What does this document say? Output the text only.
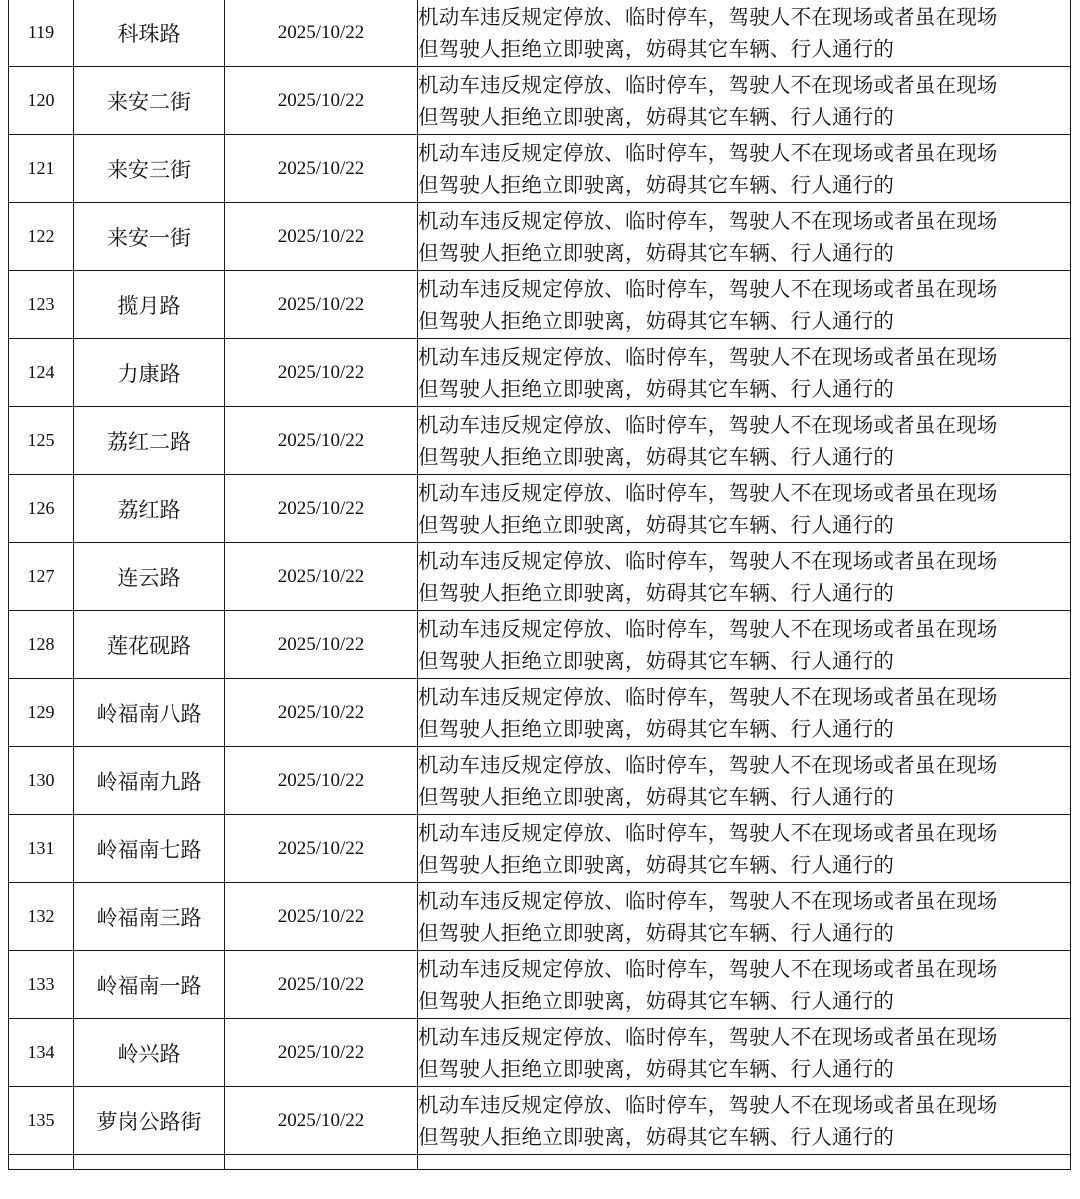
119	科珠路	2025/10/22	机动车违反规定停放、临时停车，驾驶人不在现场或者虽在现场
但驾驶人拒绝立即驶离，妨碍其它车辆、行人通行的

120	来安二街	2025/10/22	机动车违反规定停放、临时停车，驾驶人不在现场或者虽在现场
但驾驶人拒绝立即驶离，妨碍其它车辆、行人通行的

121	来安三街	2025/10/22	机动车违反规定停放、临时停车，驾驶人不在现场或者虽在现场
但驾驶人拒绝立即驶离，妨碍其它车辆、行人通行的

122	来安一街	2025/10/22	机动车违反规定停放、临时停车，驾驶人不在现场或者虽在现场
但驾驶人拒绝立即驶离，妨碍其它车辆、行人通行的

123	揽月路	2025/10/22	机动车违反规定停放、临时停车，驾驶人不在现场或者虽在现场
但驾驶人拒绝立即驶离，妨碍其它车辆、行人通行的

124	力康路	2025/10/22	机动车违反规定停放、临时停车，驾驶人不在现场或者虽在现场
但驾驶人拒绝立即驶离，妨碍其它车辆、行人通行的

125	荔红二路	2025/10/22	机动车违反规定停放、临时停车，驾驶人不在现场或者虽在现场
但驾驶人拒绝立即驶离，妨碍其它车辆、行人通行的

126	荔红路	2025/10/22	机动车违反规定停放、临时停车，驾驶人不在现场或者虽在现场
但驾驶人拒绝立即驶离，妨碍其它车辆、行人通行的

127	连云路	2025/10/22	机动车违反规定停放、临时停车，驾驶人不在现场或者虽在现场
但驾驶人拒绝立即驶离，妨碍其它车辆、行人通行的

128	莲花砚路	2025/10/22	机动车违反规定停放、临时停车，驾驶人不在现场或者虽在现场
但驾驶人拒绝立即驶离，妨碍其它车辆、行人通行的

129	岭福南八路	2025/10/22	机动车违反规定停放、临时停车，驾驶人不在现场或者虽在现场
但驾驶人拒绝立即驶离，妨碍其它车辆、行人通行的

130	岭福南九路	2025/10/22	机动车违反规定停放、临时停车，驾驶人不在现场或者虽在现场
但驾驶人拒绝立即驶离，妨碍其它车辆、行人通行的

131	岭福南七路	2025/10/22	机动车违反规定停放、临时停车，驾驶人不在现场或者虽在现场
但驾驶人拒绝立即驶离，妨碍其它车辆、行人通行的

132	岭福南三路	2025/10/22	机动车违反规定停放、临时停车，驾驶人不在现场或者虽在现场
但驾驶人拒绝立即驶离，妨碍其它车辆、行人通行的

133	岭福南一路	2025/10/22	机动车违反规定停放、临时停车，驾驶人不在现场或者虽在现场
但驾驶人拒绝立即驶离，妨碍其它车辆、行人通行的

134	岭兴路	2025/10/22	机动车违反规定停放、临时停车，驾驶人不在现场或者虽在现场
但驾驶人拒绝立即驶离，妨碍其它车辆、行人通行的

135	萝岗公路街	2025/10/22	机动车违反规定停放、临时停车，驾驶人不在现场或者虽在现场
但驾驶人拒绝立即驶离，妨碍其它车辆、行人通行的
